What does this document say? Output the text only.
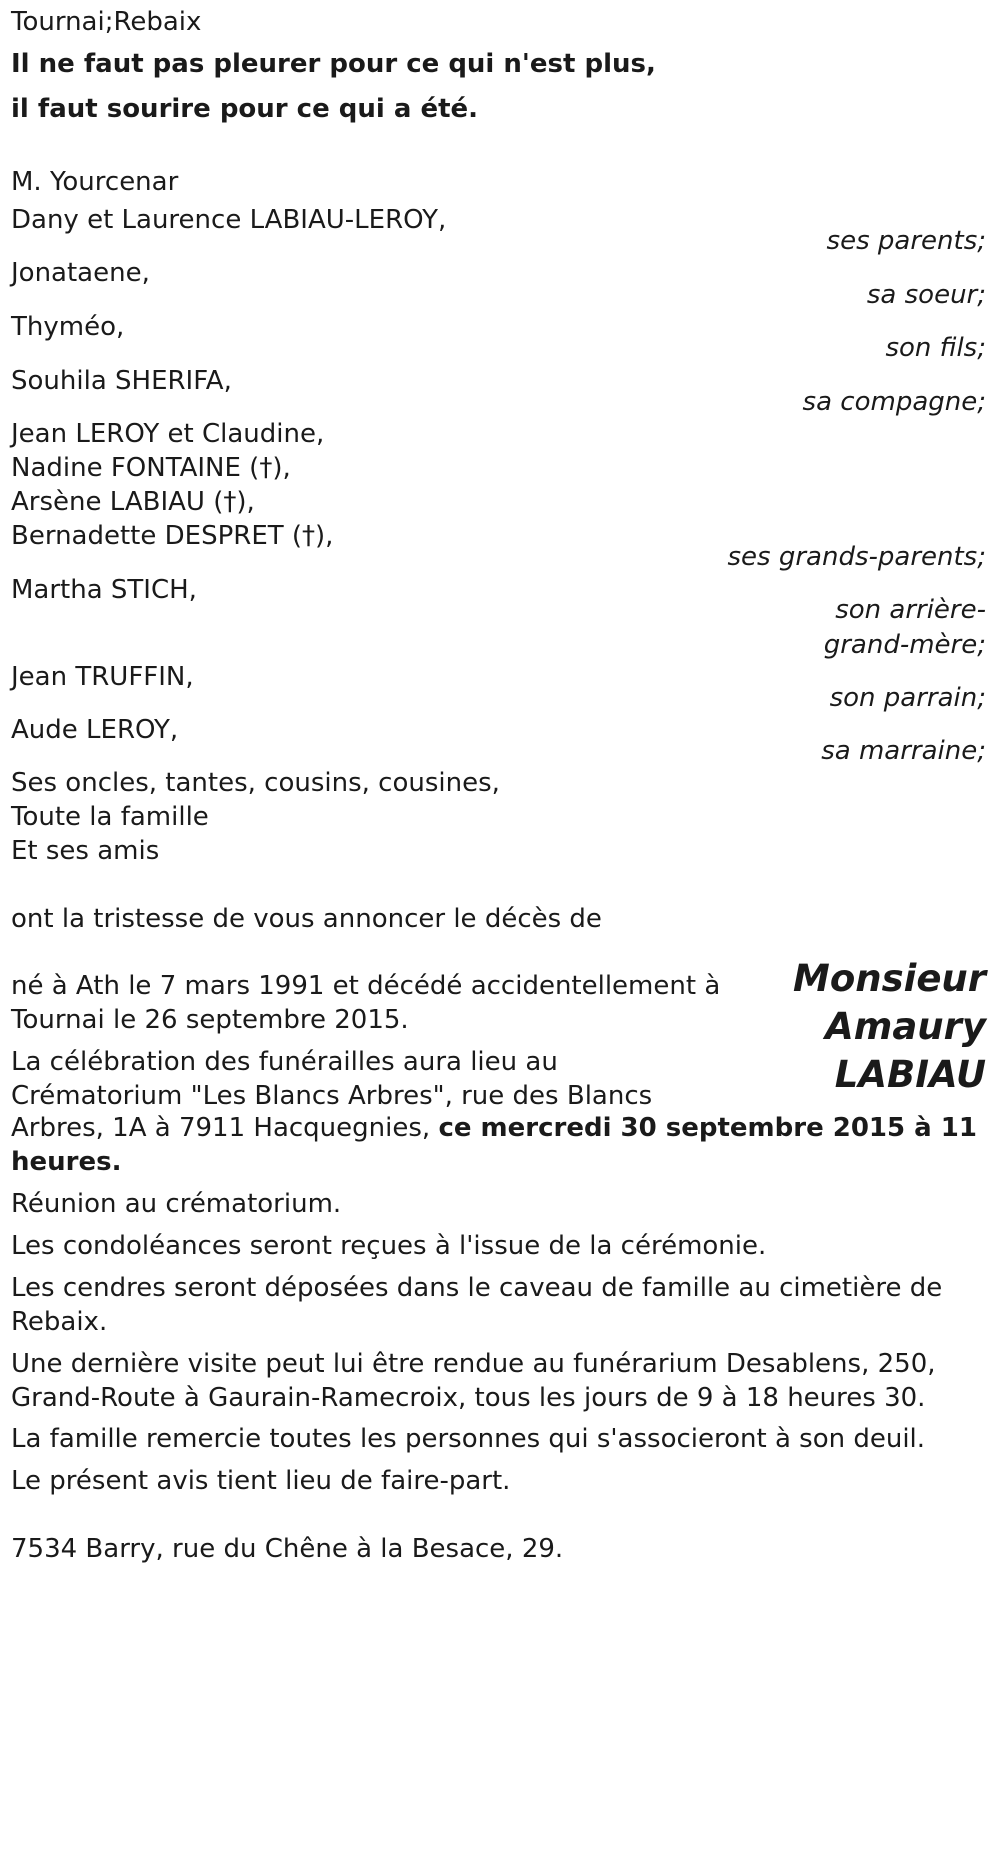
Tournai;Rebaix
Il ne faut pas pleurer pour ce qui n'est plus,
il faut sourire pour ce qui a été.
M. Yourcenar
Dany et Laurence LABIAU-LEROY,
ses parents;
Jonataene,
sa soeur;
Thyméo,
son fils;
Souhila SHERIFA,
sa compagne;
Jean LEROY et Claudine,
Nadine FONTAINE (†),
Arsène LABIAU (†),
Bernadette DESPRET (†),
ses grands-parents;
Martha STICH,
son arrière-
grand-mère;
Jean TRUFFIN,
son parrain;
Aude LEROY,
sa marraine;
Ses oncles, tantes, cousins, cousines,
Toute la famille
Et ses amis
ont la tristesse de vous annoncer le décès de
né à Ath le 7 mars 1991 et décédé accidentellement à
Tournai le 26 septembre 2015.
La célébration des funérailles aura lieu au
Crématorium "Les Blancs Arbres", rue des Blancs
Arbres, 1A à 7911 Hacquegnies, ce mercredi 30 septembre 2015 à 11
heures.
Monsieur
Amaury
LABIAU
Réunion au crématorium.
Les condoléances seront reçues à l'issue de la cérémonie.
Les cendres seront déposées dans le caveau de famille au cimetière de
Rebaix.
Une dernière visite peut lui être rendue au funérarium Desablens, 250,
Grand-Route à Gaurain-Ramecroix, tous les jours de 9 à 18 heures 30.
La famille remercie toutes les personnes qui s'associeront à son deuil.
Le présent avis tient lieu de faire-part.
7534 Barry, rue du Chêne à la Besace, 29.
